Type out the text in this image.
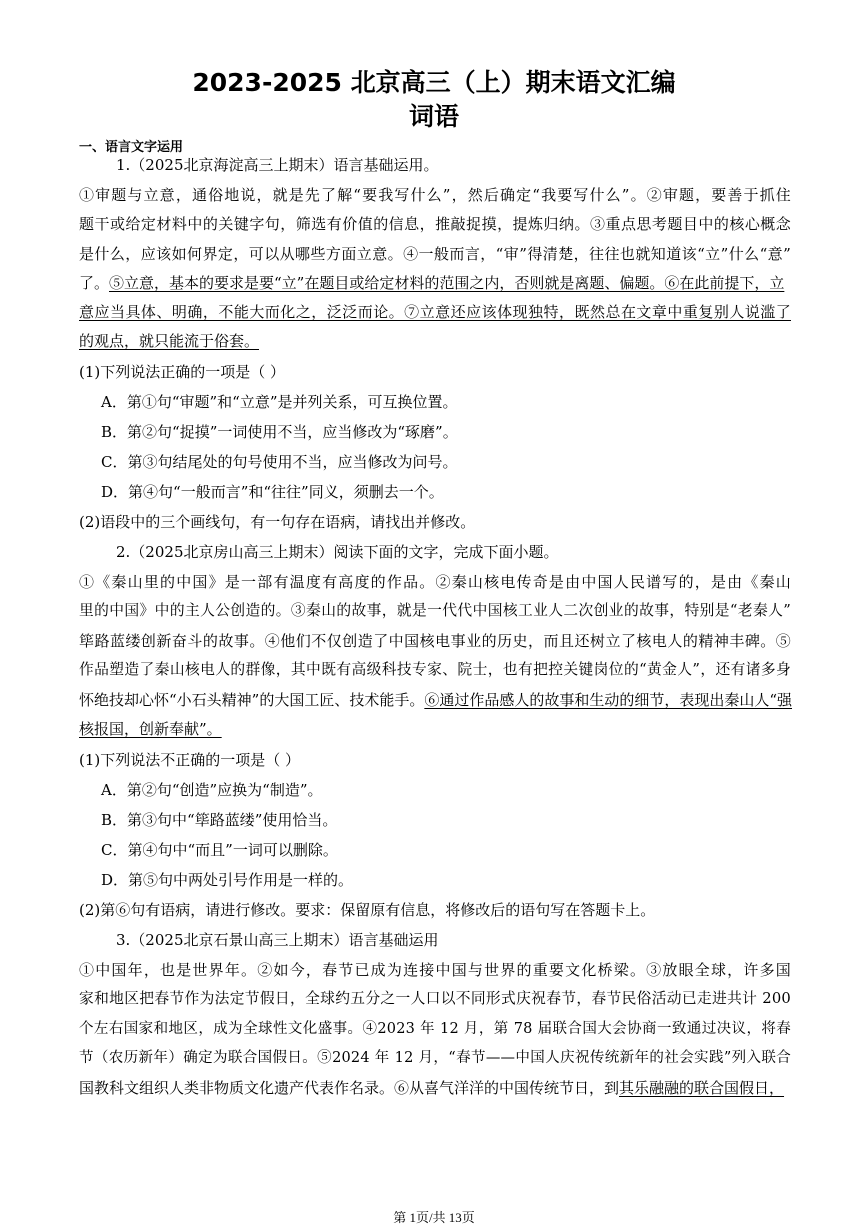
2023-2025 北京高三（上）期末语文汇编
词语
一、语言文字运用
1.（2025北京海淀高三上期末）语言基础运用。
①审题与立意，通俗地说，就是先了解“要我写什么”，然后确定“我要写什么”。②审题，要善于抓住
题干或给定材料中的关键字句，筛选有价值的信息，推敲捉摸，提炼归纳。③重点思考题目中的核心概念
是什么，应该如何界定，可以从哪些方面立意。④一般而言，“审”得清楚，往往也就知道该“立”什么“意”
了。⑤立意，基本的要求是要“立”在题目或给定材料的范围之内，否则就是离题、偏题。⑥在此前提下，立
意应当具体、明确，不能大而化之，泛泛而论。⑦立意还应该体现独特，既然总在文章中重复别人说滥了
的观点，就只能流于俗套。
(1)下列说法正确的一项是（ ）
A．第①句“审题”和“立意”是并列关系，可互换位置。
B．第②句“捉摸”一词使用不当，应当修改为“琢磨”。
C．第③句结尾处的句号使用不当，应当修改为问号。
D．第④句“一般而言”和“往往”同义，须删去一个。
(2)语段中的三个画线句，有一句存在语病，请找出并修改。
2.（2025北京房山高三上期末）阅读下面的文字，完成下面小题。
①《秦山里的中国》是一部有温度有高度的作品。②秦山核电传奇是由中国人民谱写的，是由《秦山
里的中国》中的主人公创造的。③秦山的故事，就是一代代中国核工业人二次创业的故事，特别是“老秦人”
筚路蓝缕创新奋斗的故事。④他们不仅创造了中国核电事业的历史，而且还树立了核电人的精神丰碑。⑤
作品塑造了秦山核电人的群像，其中既有高级科技专家、院士，也有把控关键岗位的“黄金人”，还有诸多身
怀绝技却心怀“小石头精神”的大国工匠、技术能手。⑥通过作品感人的故事和生动的细节，表现出秦山人“强
核报国，创新奉献”。
(1)下列说法不正确的一项是（ ）
A．第②句“创造”应换为“制造”。
B．第③句中“筚路蓝缕”使用恰当。
C．第④句中“而且”一词可以删除。
D．第⑤句中两处引号作用是一样的。
(2)第⑥句有语病，请进行修改。要求：保留原有信息，将修改后的语句写在答题卡上。
3.（2025北京石景山高三上期末）语言基础运用
①中国年，也是世界年。②如今，春节已成为连接中国与世界的重要文化桥梁。③放眼全球，许多国
家和地区把春节作为法定节假日，全球约五分之一人口以不同形式庆祝春节，春节民俗活动已走进共计 200
个左右国家和地区，成为全球性文化盛事。④2023 年 12 月，第 78 届联合国大会协商一致通过决议，将春
节（农历新年）确定为联合国假日。⑤2024 年 12 月，“春节——中国人庆祝传统新年的社会实践”列入联合
国教科文组织人类非物质文化遗产代表作名录。⑥从喜气洋洋的中国传统节日，到其乐融融的联合国假日，
第 1页/共 13页
